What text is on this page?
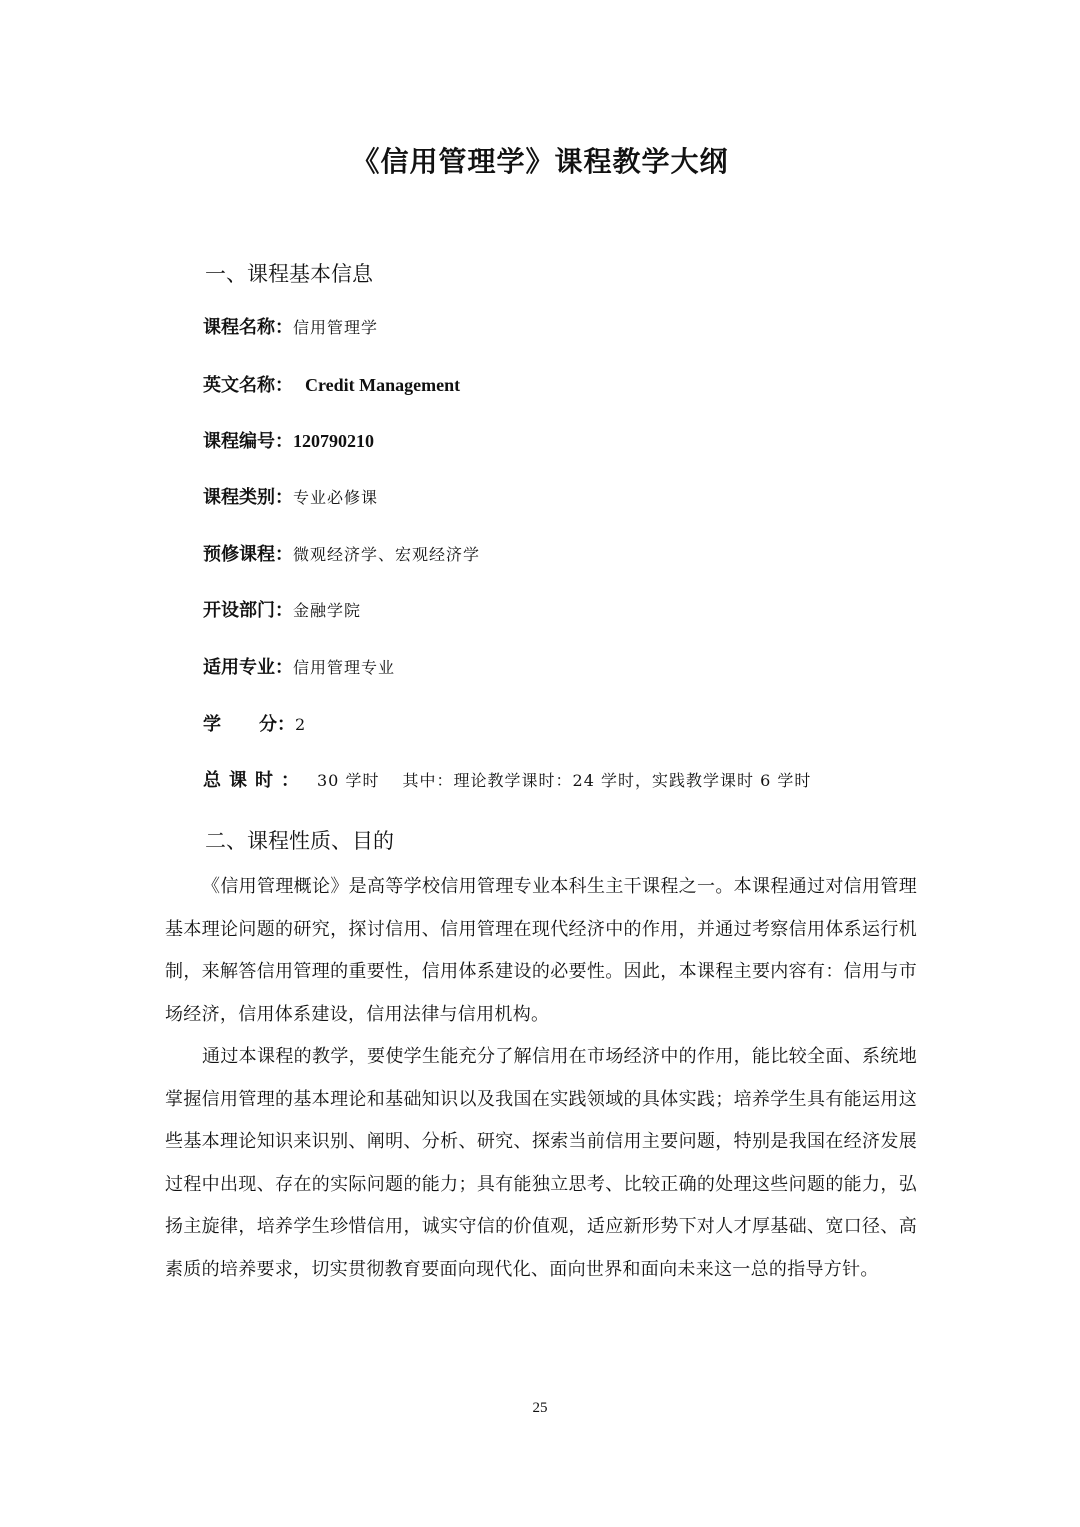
《信用管理学》课程教学大纲
一、课程基本信息
课程名称：信用管理学
英文名称： Credit Management
课程编号：120790210
课程类别：专业必修课
预修课程：微观经济学、宏观经济学
开设部门：金融学院
适用专业：信用管理专业
学 分：2
总课时： 30 学时　 其中：理论教学课时：24 学时，实践教学课时 6 学时
二、课程性质、目的
《信用管理概论》是高等学校信用管理专业本科生主干课程之一。本课程通过对信用管理基本理论问题的研究，探讨信用、信用管理在现代经济中的作用，并通过考察信用体系运行机制，来解答信用管理的重要性，信用体系建设的必要性。因此，本课程主要内容有：信用与市场经济，信用体系建设，信用法律与信用机构。
通过本课程的教学，要使学生能充分了解信用在市场经济中的作用，能比较全面、系统地掌握信用管理的基本理论和基础知识以及我国在实践领域的具体实践；培养学生具有能运用这些基本理论知识来识别、阐明、分析、研究、探索当前信用主要问题，特别是我国在经济发展过程中出现、存在的实际问题的能力；具有能独立思考、比较正确的处理这些问题的能力，弘扬主旋律，培养学生珍惜信用，诚实守信的价值观，适应新形势下对人才厚基础、宽口径、高素质的培养要求，切实贯彻教育要面向现代化、面向世界和面向未来这一总的指导方针。
25
